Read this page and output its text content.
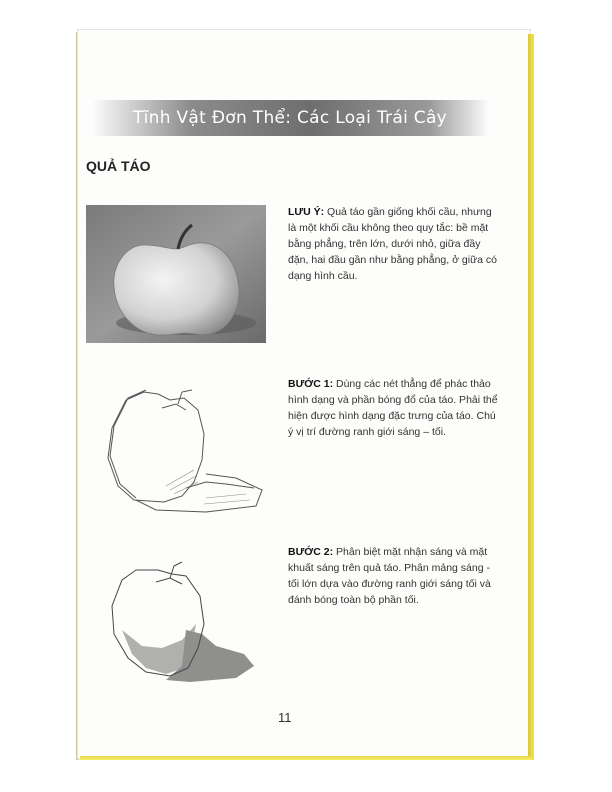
Tĩnh Vật Đơn Thể: Các Loại Trái Cây
QUẢ TÁO
LƯU Ý: Quả táo gần giống khối cầu, nhưng là một khối cầu không theo quy tắc: bề mặt bằng phẳng, trên lớn, dưới nhỏ, giữa đầy đặn, hai đầu gần như bằng phẳng, ở giữa có dạng hình cầu.
BƯỚC 1: Dùng các nét thẳng để phác thảo hình dạng và phần bóng đổ của táo. Phải thể hiện được hình dạng đặc trưng của táo. Chú ý vị trí đường ranh giới sáng – tối.
BƯỚC 2: Phân biệt mặt nhận sáng và mặt khuất sáng trên quả táo. Phân mảng sáng - tối lớn dựa vào đường ranh giới sáng tối và đánh bóng toàn bộ phần tối.
11
